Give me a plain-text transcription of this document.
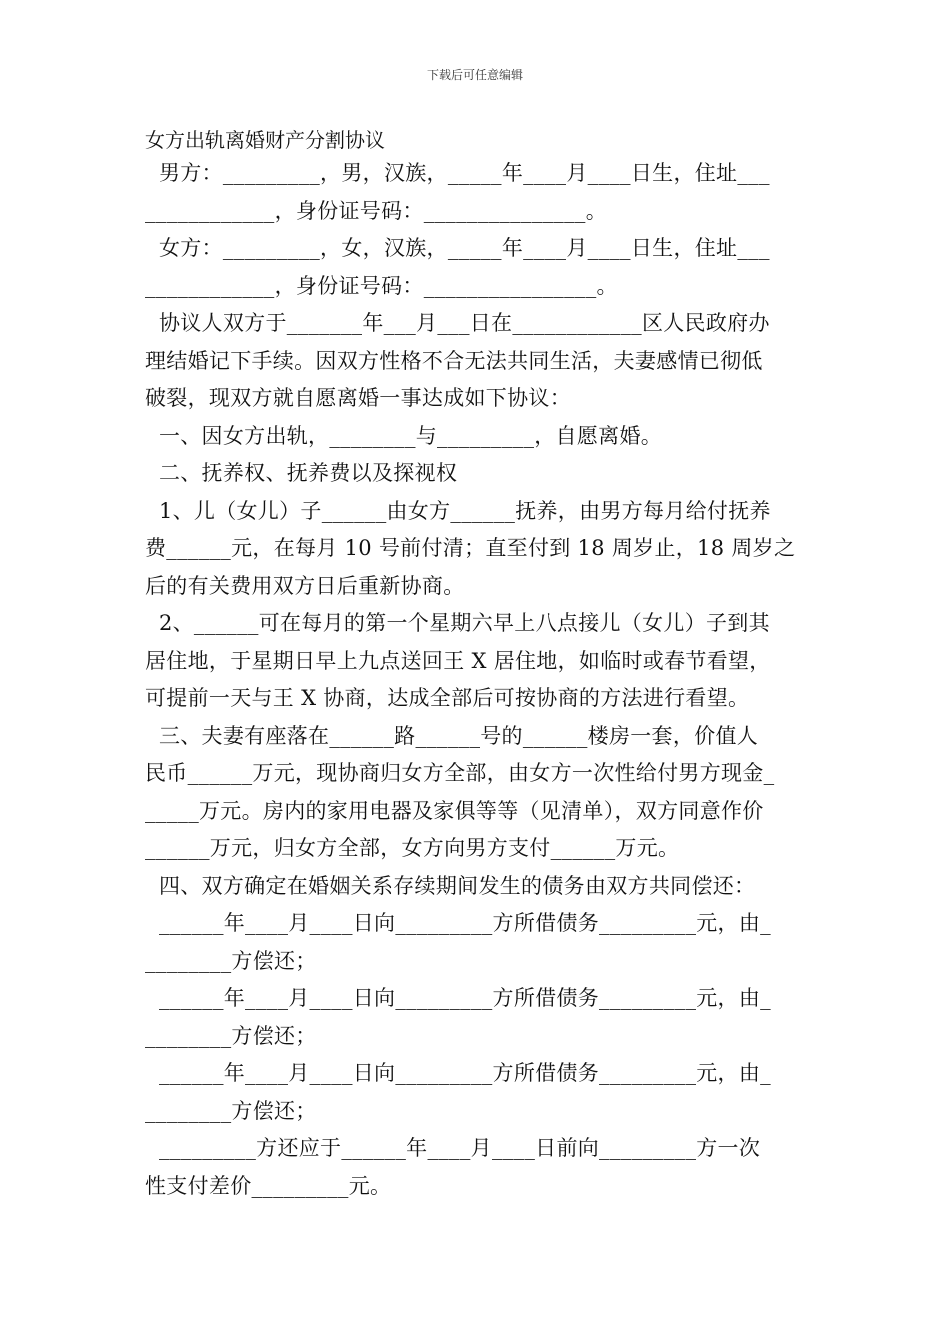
下载后可任意编辑
女方出轨离婚财产分割协议
男方：_________，男，汉族，_____年____月____日生，住址___
____________，身份证号码：_______________。
女方：_________，女，汉族，_____年____月____日生，住址___
____________，身份证号码：________________。
协议人双方于_______年___月___日在____________区人民政府办
理结婚记下手续。因双方性格不合无法共同生活，夫妻感情已彻低
破裂，现双方就自愿离婚一事达成如下协议：
一、因女方出轨，________与_________，自愿离婚。
二、抚养权、抚养费以及探视权
1、儿（女儿）子______由女方______抚养，由男方每月给付抚养
费______元，在每月 10 号前付清；直至付到 18 周岁止，18 周岁之
后的有关费用双方日后重新协商。
2、______可在每月的第一个星期六早上八点接儿（女儿）子到其
居住地，于星期日早上九点送回王 X 居住地，如临时或春节看望，
可提前一天与王 X 协商，达成全部后可按协商的方法进行看望。
三、夫妻有座落在______路______号的______楼房一套，价值人
民币______万元，现协商归女方全部，由女方一次性给付男方现金_
_____万元。房内的家用电器及家俱等等（见清单），双方同意作价
______万元，归女方全部，女方向男方支付______万元。
四、双方确定在婚姻关系存续期间发生的债务由双方共同偿还：
______年____月____日向_________方所借债务_________元，由_
________方偿还；
______年____月____日向_________方所借债务_________元，由_
________方偿还；
______年____月____日向_________方所借债务_________元，由_
________方偿还；
_________方还应于______年____月____日前向_________方一次
性支付差价_________元。
